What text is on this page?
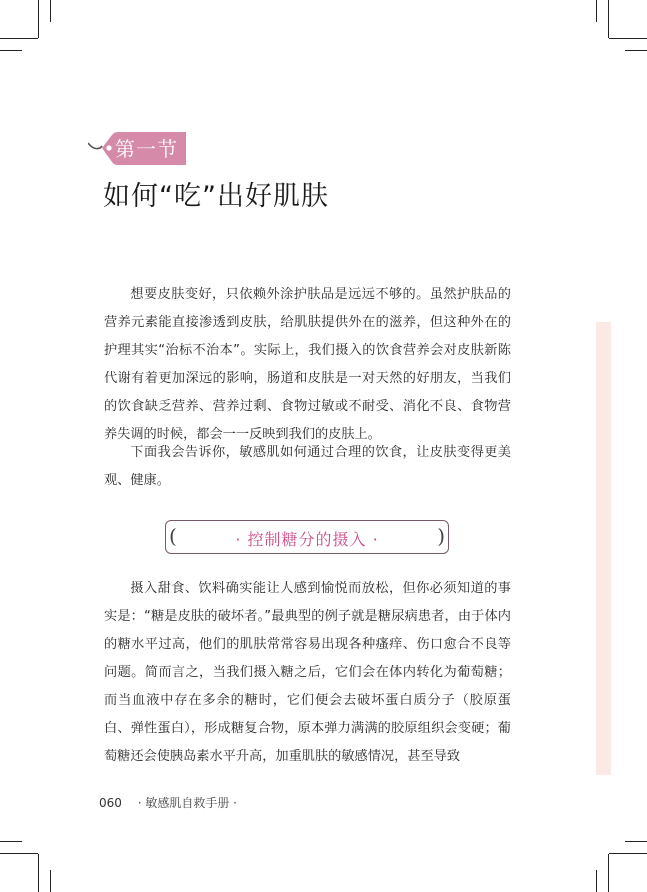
第一节
如何“吃”出好肌肤

想要皮肤变好，只依赖外涂护肤品是远远不够的。虽然护肤品的营养元素能直接渗透到皮肤，给肌肤提供外在的滋养，但这种外在的护理其实“治标不治本”。实际上，我们摄入的饮食营养会对皮肤新陈代谢有着更加深远的影响，肠道和皮肤是一对天然的好朋友，当我们的饮食缺乏营养、营养过剩、食物过敏或不耐受、消化不良、食物营养失调的时候，都会一一反映到我们的皮肤上。

下面我会告诉你，敏感肌如何通过合理的饮食，让皮肤变得更美观、健康。

(	· 控制糖分的摄入 ·	)

摄入甜食、饮料确实能让人感到愉悦而放松，但你必须知道的事实是：“糖是皮肤的破坏者。”最典型的例子就是糖尿病患者，由于体内的糖水平过高，他们的肌肤常常容易出现各种瘙痒、伤口愈合不良等问题。简而言之，当我们摄入糖之后，它们会在体内转化为葡萄糖；而当血液中存在多余的糖时，它们便会去破坏蛋白质分子（胶原蛋白、弹性蛋白），形成糖复合物，原本弹力满满的胶原组织会变硬；葡萄糖还会使胰岛素水平升高，加重肌肤的敏感情况，甚至导致

060 · 敏感肌自救手册 ·
